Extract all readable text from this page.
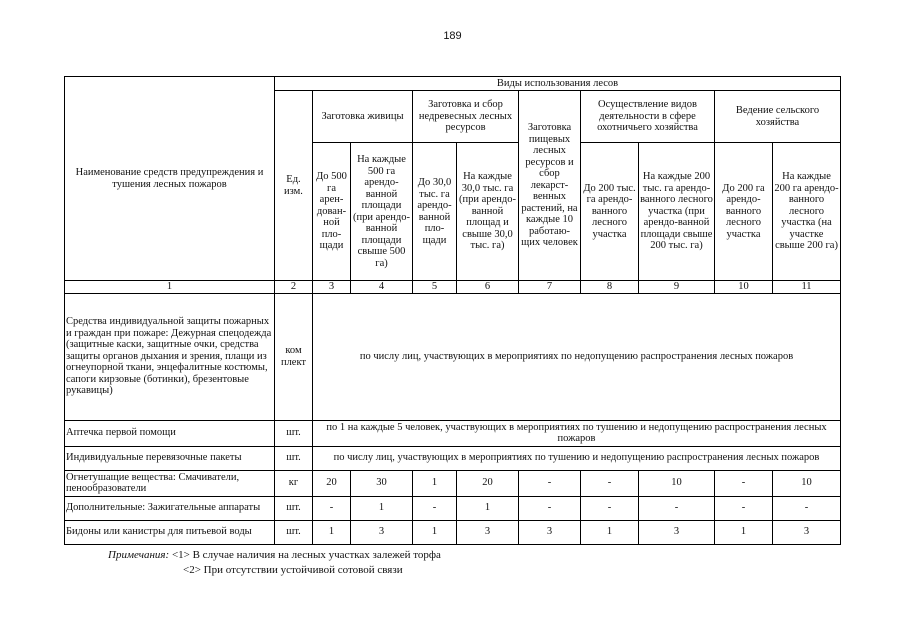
189
Наименование средств предупреждения и тушения лесных пожаров	Виды использования лесов									
	Ед. изм.	Заготовка живицы		Заготовка и сбор недревесных лесных ресурсов		Заготовка пищевых лесных ресурсов и сбор лекарст-венных растений, на каждые 10 работаю-щих человек	Осуществление видов деятельности в сфере охотничьего хозяйства		Ведение сельского хозяйства	
		До 500 га арен-дован-ной пло-щади	На каждые 500 га арендо-ванной площади (при арендо-ванной площади свыше 500 га)	До 30,0 тыс. га арендо-ванной пло-щади	На каждые 30,0 тыс. га (при арендо-ванной площад и свыше 30,0 тыс. га)		До 200 тыс. га арендо-ванного лесного участка	На каждые 200 тыс. га арендо-ванного лесного участка (при арендо-ванной площади свыше 200 тыс. га)	До 200 га арендо-ванного лесного участка	На каждые 200 га арендо-ванного лесного участка (на участке свыше 200 га)
1	2	3	4	5	6	7	8	9	10	11
Средства индивидуальной защиты пожарных и граждан при пожаре: Дежурная спецодежда (защитные каски, защитные очки, средства защиты органов дыхания и зрения, плащи из огнеупорной ткани, энцефалитные костюмы, сапоги кирзовые (ботинки), брезентовые рукавицы)	ком плект	по числу лиц, участвующих в мероприятиях по недопущению распространения лесных пожаров								
Аптечка первой помощи	шт.	по 1 на каждые 5 человек, участвующих в мероприятиях по тушению и недопущению распространения лесных пожаров								
Индивидуальные перевязочные пакеты	шт.	по числу лиц, участвующих в мероприятиях по тушению и недопущению распространения лесных пожаров								
Огнетушащие вещества: Смачиватели, пенообразователи	кг	20	30	1	20	-	-	10	-	10
Дополнительные: Зажигательные аппараты	шт.	-	1	-	1	-	-	-	-	-
Бидоны или канистры для питьевой воды	шт.	1	3	1	3	3	1	3	1	3
Примечания: <1> В случае наличия на лесных участках залежей торфа
<2> При отсутствии устойчивой сотовой связи
